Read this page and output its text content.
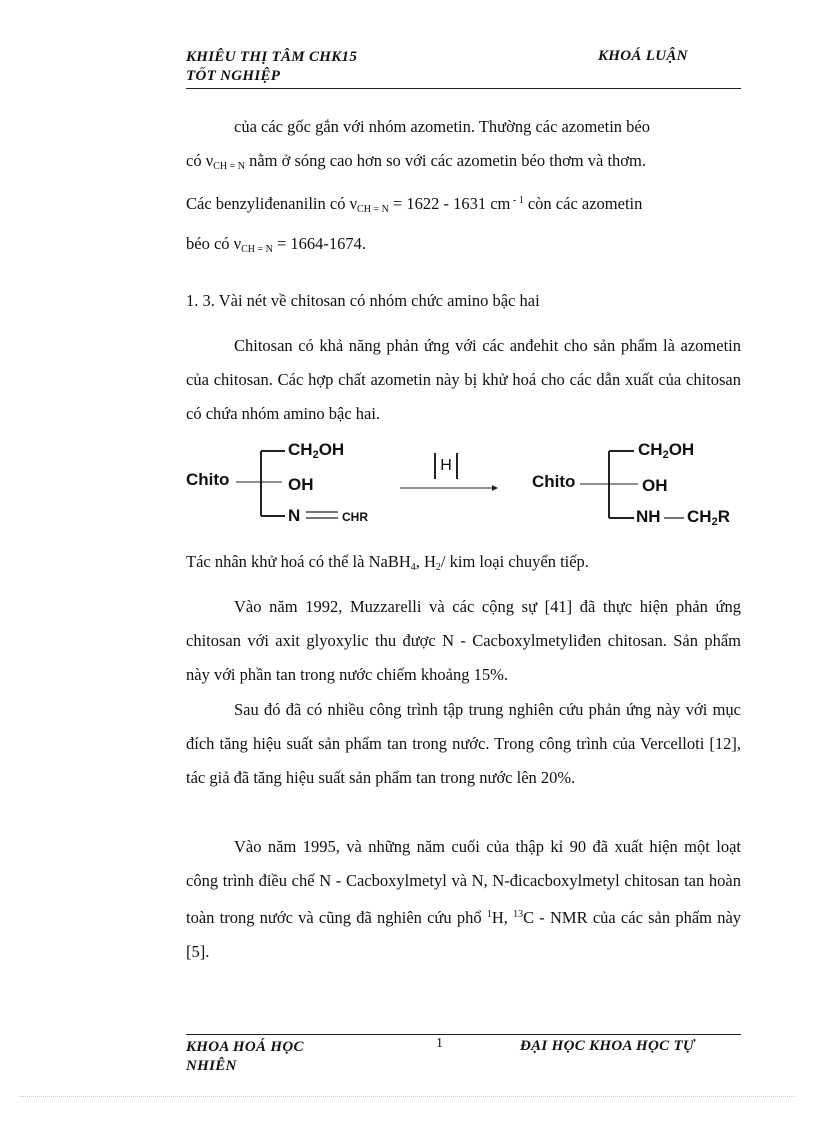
KHIÊU THỊ TÂM CHK15
TỐT NGHIỆP
KHOÁ LUẬN
của các gốc gắn với nhóm azometin. Thường các azometin béo
có $\nu_{CH = N}$ nằm ở sóng cao hơn so với các azometin béo thơm và thơm.
Các benzyliđenanilin có $\nu_{CH = N} = 1622 - 1631$ cm $^{- 1}$ còn các azometin
béo có $\nu_{CH = N} = 1664-1674$.
1. 3. Vài nét về chitosan có nhóm chức amino bậc hai
Chitosan có khả năng phản ứng với các anđehit cho sản phẩm là azometin của chitosan. Các hợp chất azometin này bị khử hoá cho các dẫn xuất của chitosan có chứa nhóm amino bậc hai.
Chito
CH2OH
OH
N	CHR
H
Chito
CH2OH
OH
NH CH2R
Tác nhân khử hoá có thể là NaBH$_4$, $H_2/$ kim loại chuyển tiếp.
Vào năm 1992, Muzzarelli và các cộng sự [41] đã thực hiện phản ứng chitosan với axit glyoxylic thu được N - Cacboxylmetyliđen chitosan. Sản phẩm này với phần tan trong nước chiếm khoảng 15%.
Sau đó đã có nhiều công trình tập trung nghiên cứu phản ứng này với mục đích tăng hiệu suất sản phẩm tan trong nước. Trong công trình của Vercelloti [12], tác giả đã tăng hiệu suất sản phẩm tan trong nước lên 20%.
Vào năm 1995, và những năm cuối của thập kỉ 90 đã xuất hiện một loạt công trình điều chế N - Cacboxylmetyl và N, N-đicacboxylmetyl chitosan tan hoàn toàn trong nước và cũng đã nghiên cứu phổ $^1$H, $^{13}$C - NMR của các sản phẩm này [5].
KHOA HOÁ HỌC
NHIÊN
1	ĐẠI HỌC KHOA HỌC TỰ
